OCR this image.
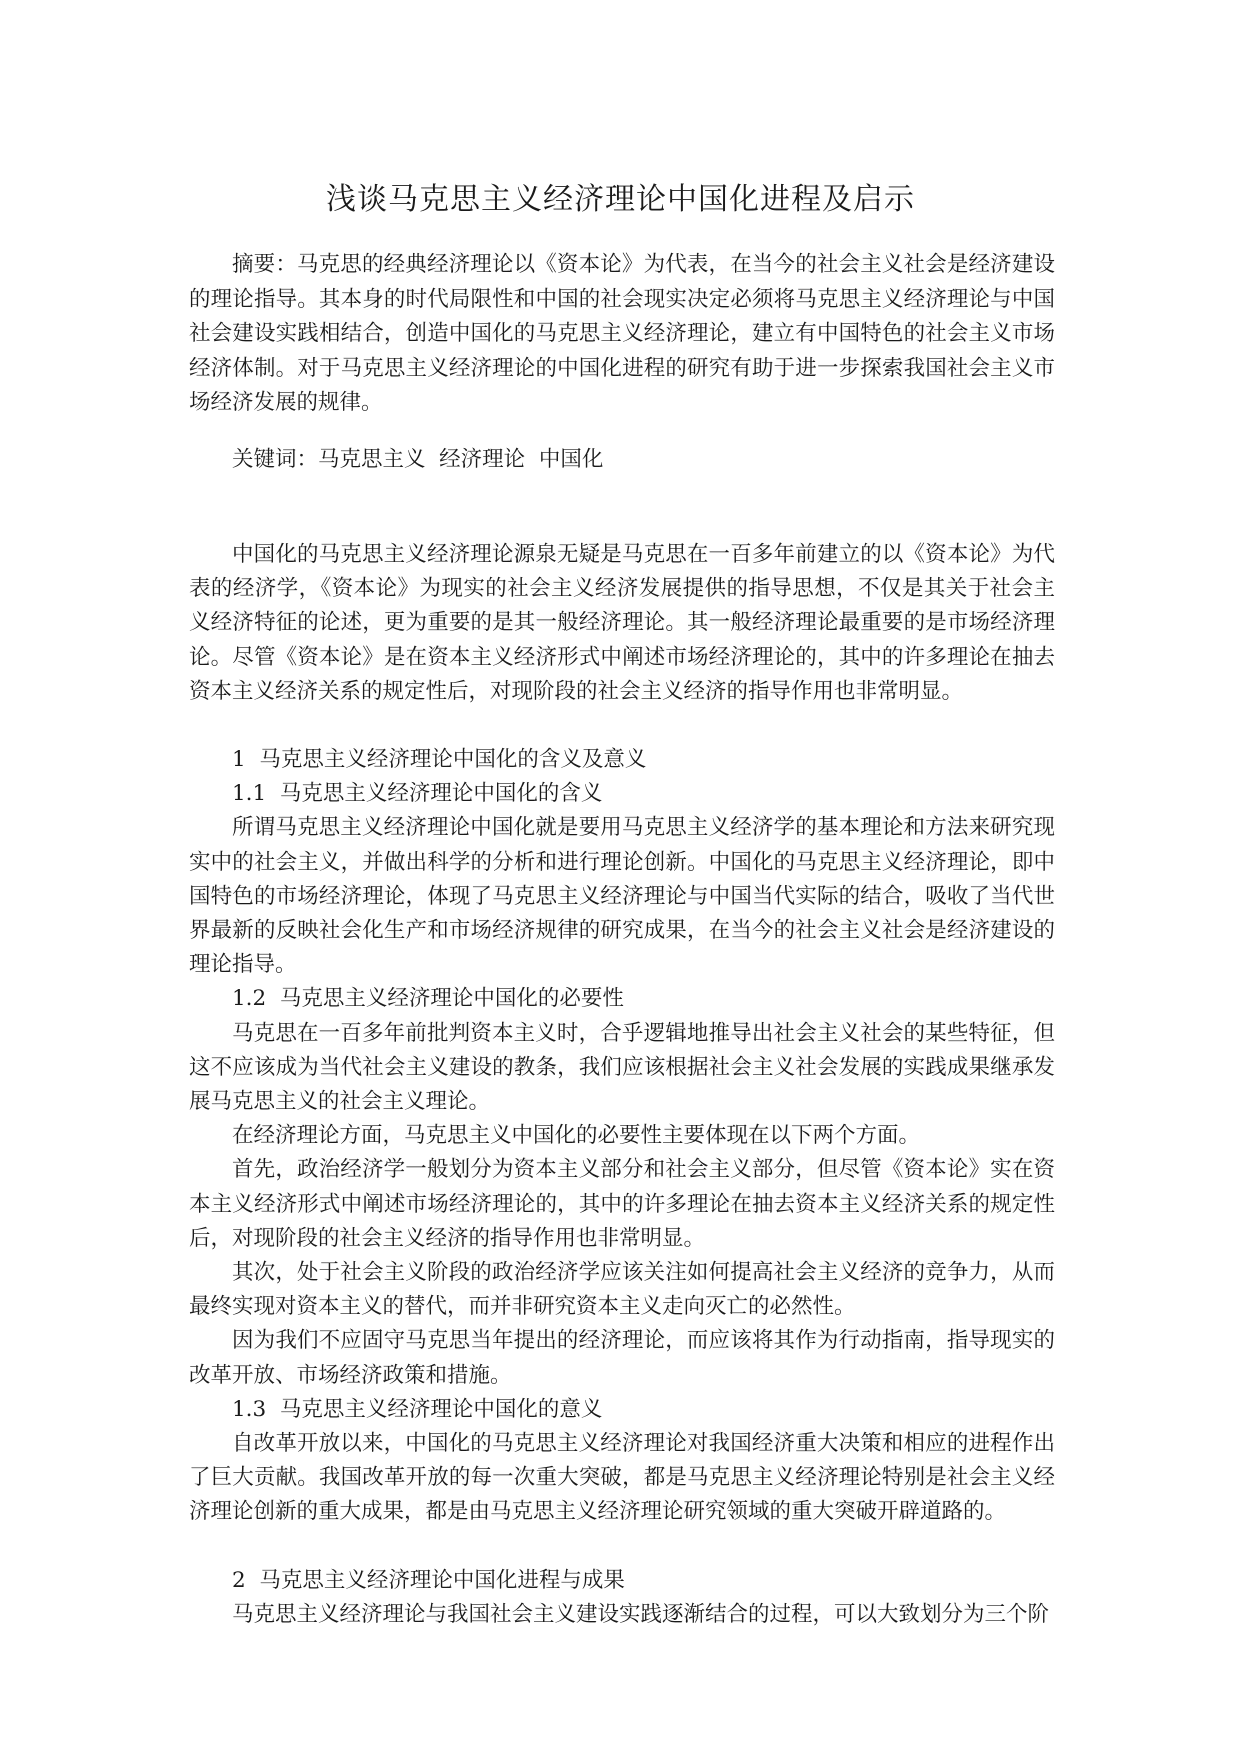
浅谈马克思主义经济理论中国化进程及启示

摘要：马克思的经典经济理论以《资本论》为代表，在当今的社会主义社会是经济建设的理论指导。其本身的时代局限性和中国的社会现实决定必须将马克思主义经济理论与中国社会建设实践相结合，创造中国化的马克思主义经济理论，建立有中国特色的社会主义市场经济体制。对于马克思主义经济理论的中国化进程的研究有助于进一步探索我国社会主义市场经济发展的规律。

关键词：马克思主义  经济理论  中国化

中国化的马克思主义经济理论源泉无疑是马克思在一百多年前建立的以《资本论》为代表的经济学，《资本论》为现实的社会主义经济发展提供的指导思想，不仅是其关于社会主义经济特征的论述，更为重要的是其一般经济理论。其一般经济理论最重要的是市场经济理论。尽管《资本论》是在资本主义经济形式中阐述市场经济理论的，其中的许多理论在抽去资本主义经济关系的规定性后，对现阶段的社会主义经济的指导作用也非常明显。

1  马克思主义经济理论中国化的含义及意义

1.1  马克思主义经济理论中国化的含义

所谓马克思主义经济理论中国化就是要用马克思主义经济学的基本理论和方法来研究现实中的社会主义，并做出科学的分析和进行理论创新。中国化的马克思主义经济理论，即中国特色的市场经济理论，体现了马克思主义经济理论与中国当代实际的结合，吸收了当代世界最新的反映社会化生产和市场经济规律的研究成果，在当今的社会主义社会是经济建设的理论指导。

1.2  马克思主义经济理论中国化的必要性

马克思在一百多年前批判资本主义时，合乎逻辑地推导出社会主义社会的某些特征，但这不应该成为当代社会主义建设的教条，我们应该根据社会主义社会发展的实践成果继承发展马克思主义的社会主义理论。

在经济理论方面，马克思主义中国化的必要性主要体现在以下两个方面。

首先，政治经济学一般划分为资本主义部分和社会主义部分，但尽管《资本论》实在资本主义经济形式中阐述市场经济理论的，其中的许多理论在抽去资本主义经济关系的规定性后，对现阶段的社会主义经济的指导作用也非常明显。

其次，处于社会主义阶段的政治经济学应该关注如何提高社会主义经济的竞争力，从而最终实现对资本主义的替代，而并非研究资本主义走向灭亡的必然性。

因为我们不应固守马克思当年提出的经济理论，而应该将其作为行动指南，指导现实的改革开放、市场经济政策和措施。

1.3  马克思主义经济理论中国化的意义

自改革开放以来，中国化的马克思主义经济理论对我国经济重大决策和相应的进程作出了巨大贡献。我国改革开放的每一次重大突破，都是马克思主义经济理论特别是社会主义经济理论创新的重大成果，都是由马克思主义经济理论研究领域的重大突破开辟道路的。

2  马克思主义经济理论中国化进程与成果

马克思主义经济理论与我国社会主义建设实践逐渐结合的过程，可以大致划分为三个阶
